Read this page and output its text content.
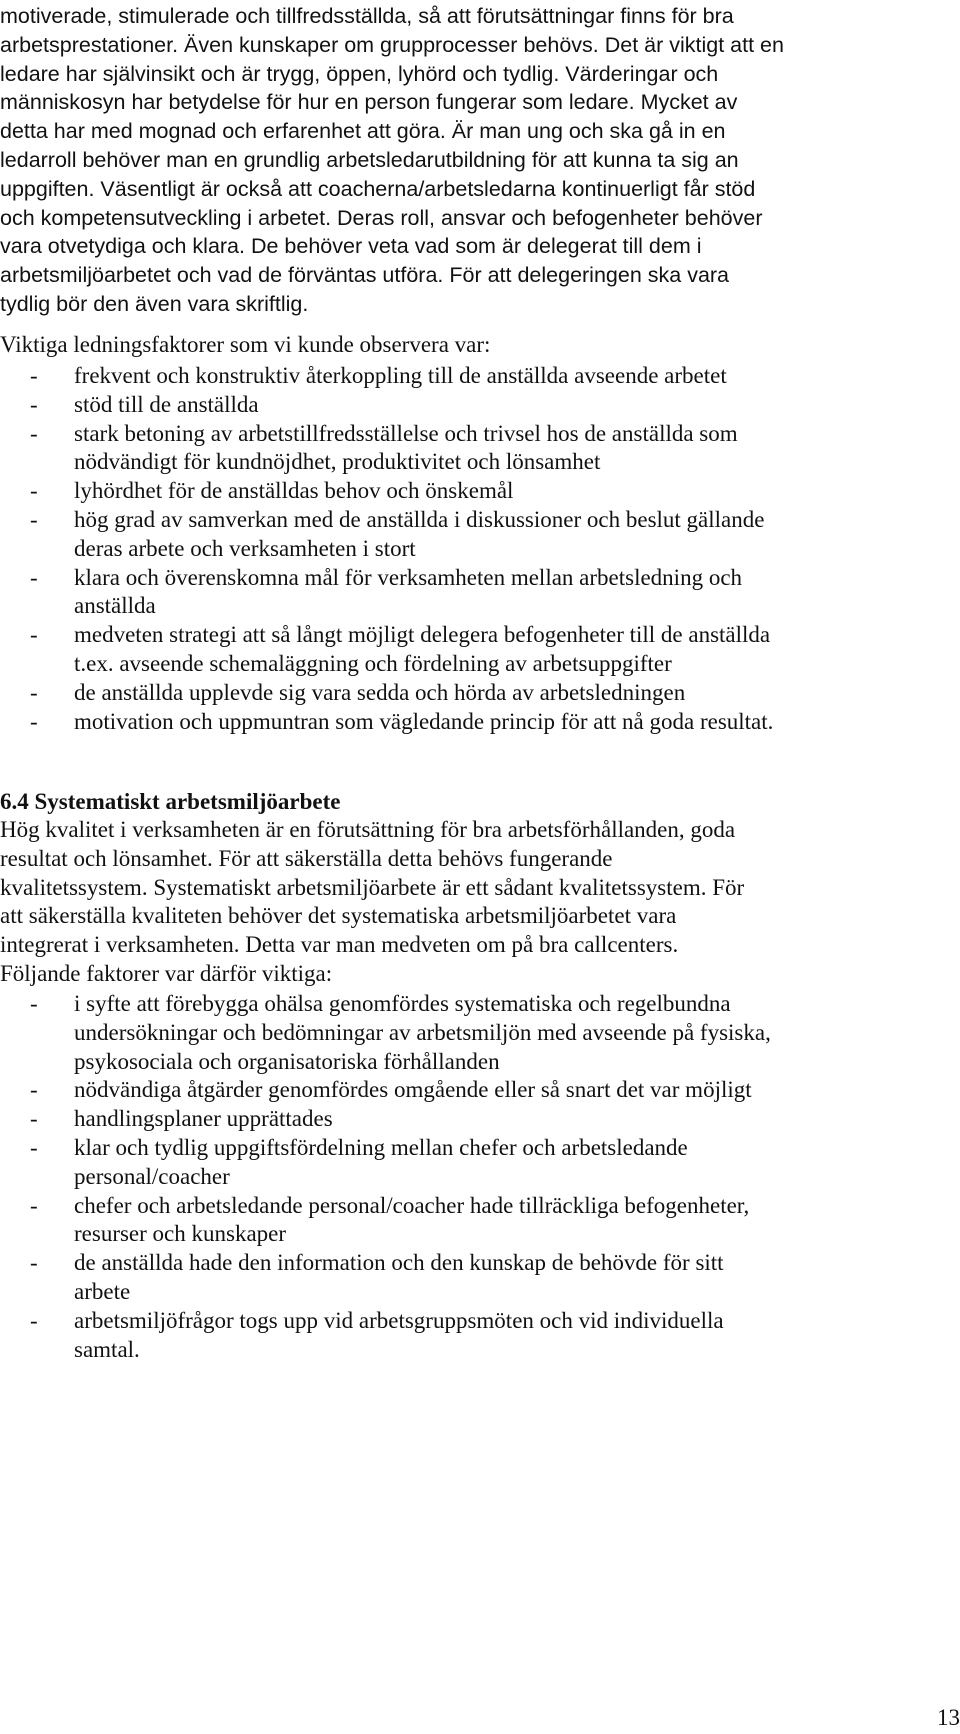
motiverade, stimulerade och tillfredsställda, så att förutsättningar finns för bra
arbetsprestationer. Även kunskaper om grupprocesser behövs. Det är viktigt att en
ledare har självinsikt och är trygg, öppen, lyhörd och tydlig. Värderingar och
människosyn har betydelse för hur en person fungerar som ledare. Mycket av
detta har med mognad och erfarenhet att göra. Är man ung och ska gå in en
ledarroll behöver man en grundlig arbetsledarutbildning för att kunna ta sig an
uppgiften. Väsentligt är också att coacherna/arbetsledarna kontinuerligt får stöd
och kompetensutveckling i arbetet. Deras roll, ansvar och befogenheter behöver
vara otvetydiga och klara. De behöver veta vad som är delegerat till dem i
arbetsmiljöarbetet och vad de förväntas utföra. För att delegeringen ska vara
tydlig bör den även vara skriftlig.
Viktiga ledningsfaktorer som vi kunde observera var:
- frekvent och konstruktiv återkoppling till de anställda avseende arbetet
- stöd till de anställda
- stark betoning av arbetstillfredsställelse och trivsel hos de anställda som
nödvändigt för kundnöjdhet, produktivitet och lönsamhet
- lyhördhet för de anställdas behov och önskemål
- hög grad av samverkan med de anställda i diskussioner och beslut gällande
deras arbete och verksamheten i stort
- klara och överenskomna mål för verksamheten mellan arbetsledning och
anställda
- medveten strategi att så långt möjligt delegera befogenheter till de anställda
t.ex. avseende schemaläggning och fördelning av arbetsuppgifter
- de anställda upplevde sig vara sedda och hörda av arbetsledningen
- motivation och uppmuntran som vägledande princip för att nå goda resultat.
6.4 Systematiskt arbetsmiljöarbete
Hög kvalitet i verksamheten är en förutsättning för bra arbetsförhållanden, goda
resultat och lönsamhet. För att säkerställa detta behövs fungerande
kvalitetssystem. Systematiskt arbetsmiljöarbete är ett sådant kvalitetssystem. För
att säkerställa kvaliteten behöver det systematiska arbetsmiljöarbetet vara
integrerat i verksamheten. Detta var man medveten om på bra callcenters.
Följande faktorer var därför viktiga:
- i syfte att förebygga ohälsa genomfördes systematiska och regelbundna
undersökningar och bedömningar av arbetsmiljön med avseende på fysiska,
psykosociala och organisatoriska förhållanden
- nödvändiga åtgärder genomfördes omgående eller så snart det var möjligt
- handlingsplaner upprättades
- klar och tydlig uppgiftsfördelning mellan chefer och arbetsledande
personal/coacher
- chefer och arbetsledande personal/coacher hade tillräckliga befogenheter,
resurser och kunskaper
- de anställda hade den information och den kunskap de behövde för sitt
arbete
- arbetsmiljöfrågor togs upp vid arbetsgruppsmöten och vid individuella
samtal.
13
